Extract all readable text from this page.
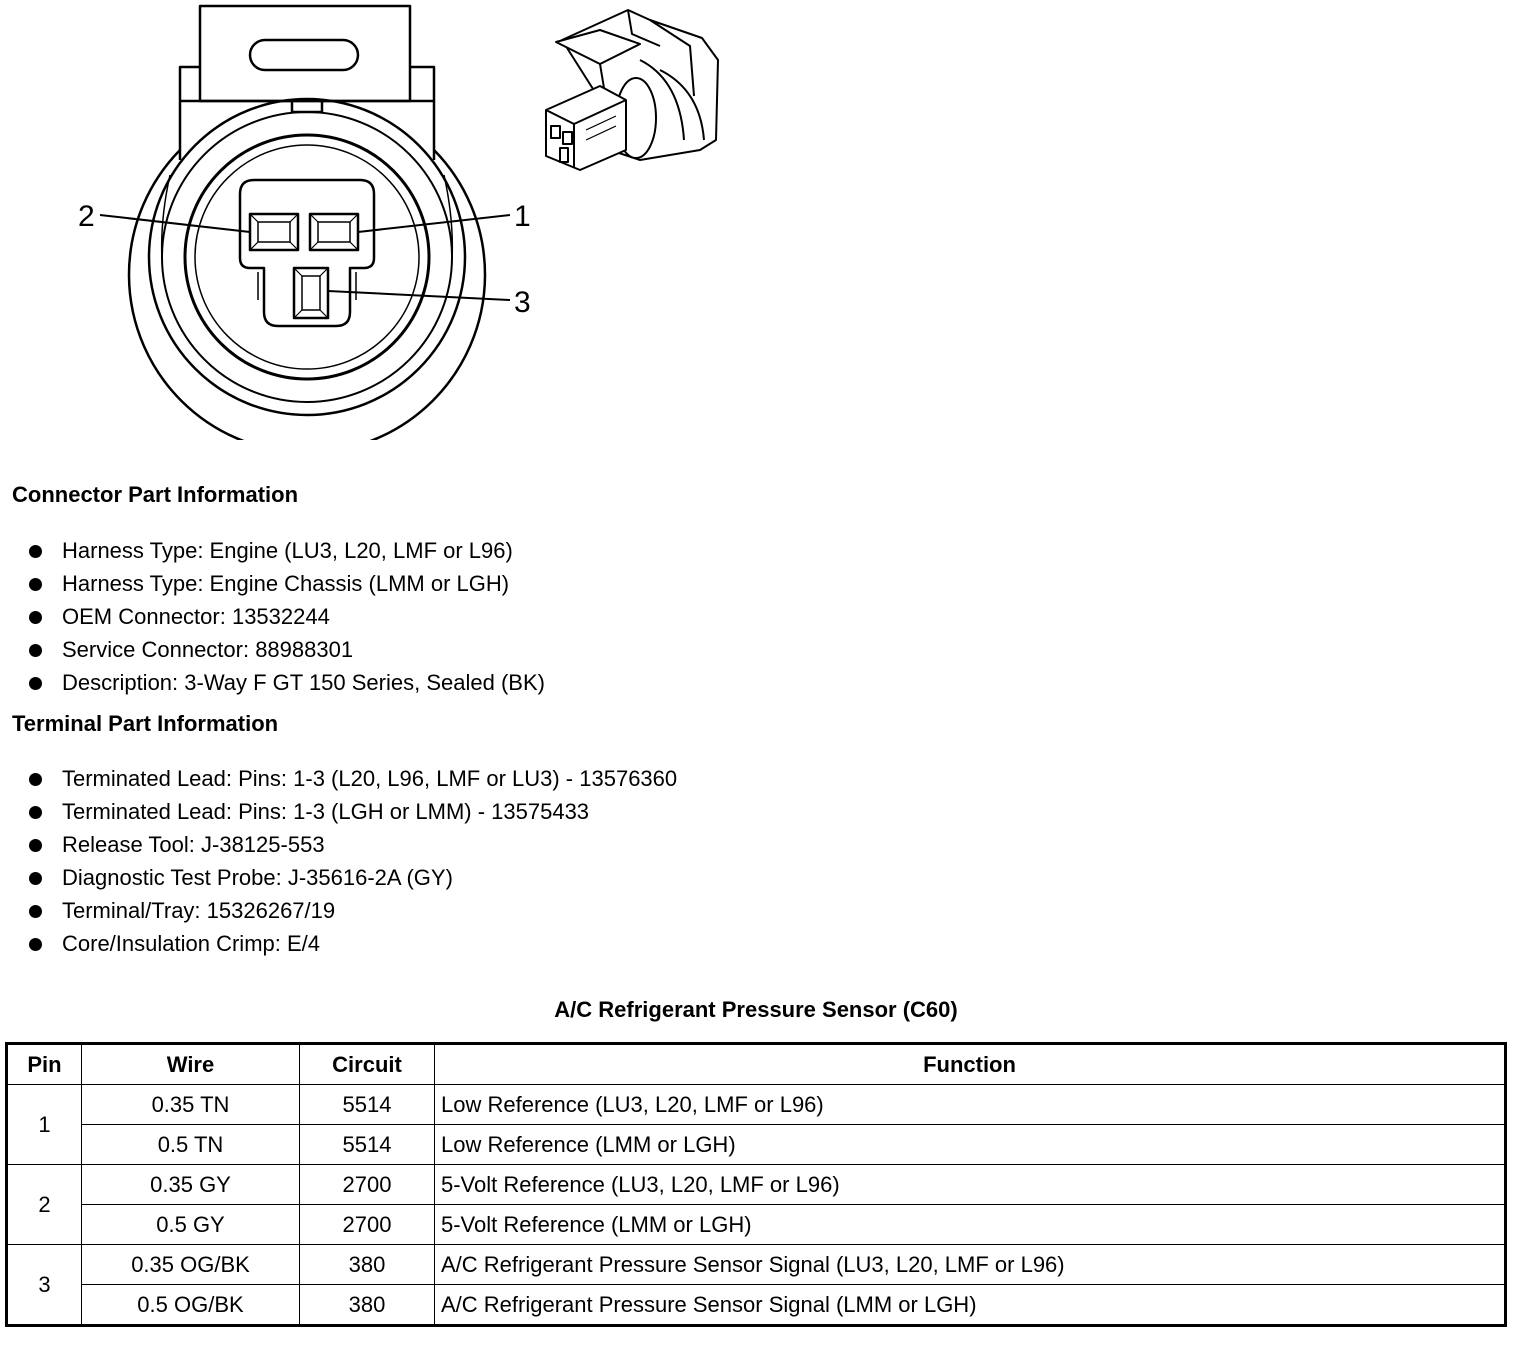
2	1
3
Connector Part Information
Harness Type: Engine (LU3, L20, LMF or L96)
Harness Type: Engine Chassis (LMM or LGH)
OEM Connector: 13532244
Service Connector: 88988301
Description: 3-Way F GT 150 Series, Sealed (BK)
Terminal Part Information
Terminated Lead: Pins: 1-3 (L20, L96, LMF or LU3) - 13576360
Terminated Lead: Pins: 1-3 (LGH or LMM) - 13575433
Release Tool: J-38125-553
Diagnostic Test Probe: J-35616-2A (GY)
Terminal/Tray: 15326267/19
Core/Insulation Crimp: E/4
A/C Refrigerant Pressure Sensor (C60)
Pin	Wire	Circuit	Function
1	0.35 TN	5514	Low Reference (LU3, L20, LMF or L96)
	0.5 TN	5514	Low Reference (LMM or LGH)
2	0.35 GY	2700	5-Volt Reference (LU3, L20, LMF or L96)
	0.5 GY	2700	5-Volt Reference (LMM or LGH)
3	0.35 OG/BK	380	A/C Refrigerant Pressure Sensor Signal (LU3, L20, LMF or L96)
	0.5 OG/BK	380	A/C Refrigerant Pressure Sensor Signal (LMM or LGH)
